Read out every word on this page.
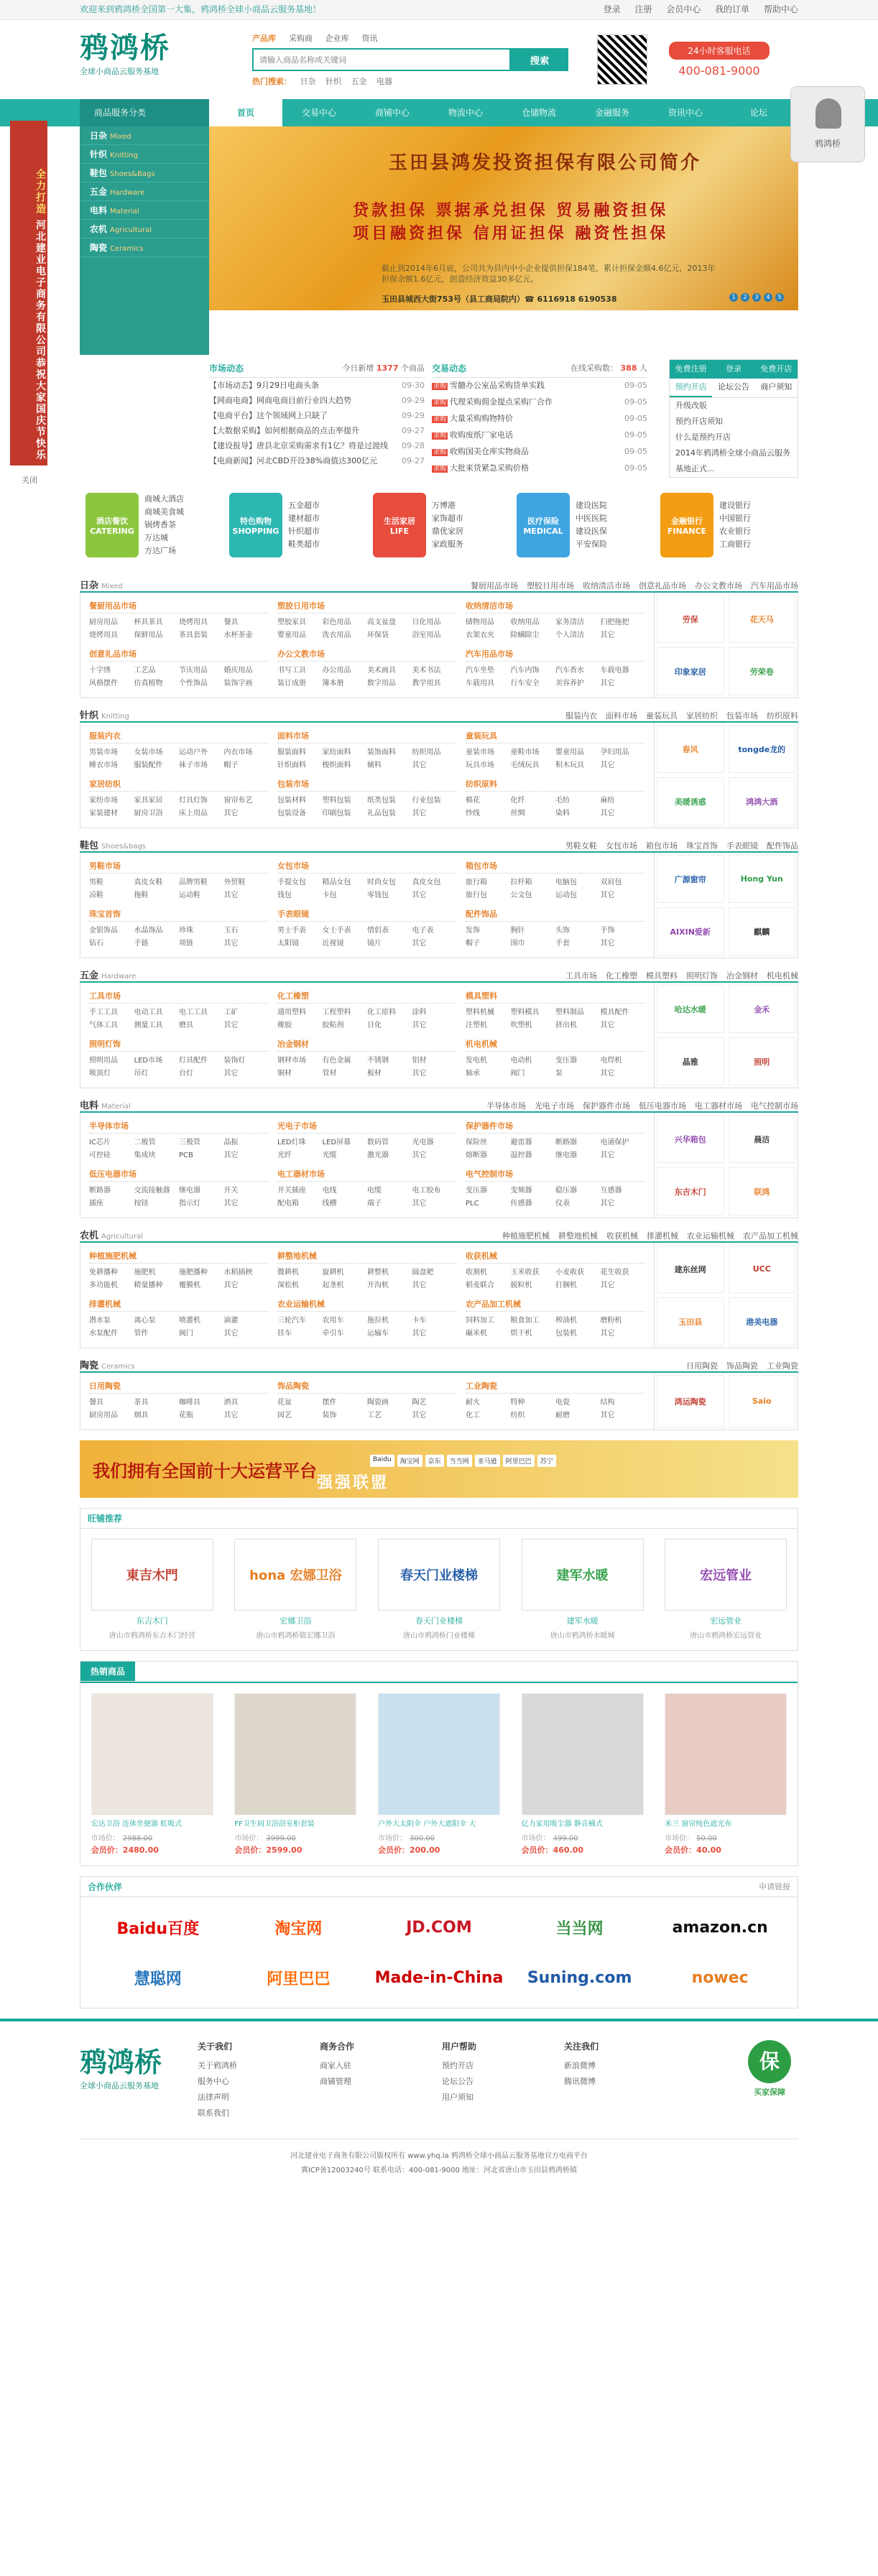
欢迎来到鸦鸿桥全国第一大集，鸦鸿桥全球小商品云服务基地！	登录 注册 会员中心 我的订单 帮助中心
鸦鸿桥
全球小商品云服务基地
产品库 采购商 企业库 资讯
请输入商品名称或关键词
搜索
热门搜索： 日杂 针织 五金 电器
24小时客服电话
400-081-9000
商品服务分类	首页	交易中心	商铺中心	物流中心	仓储物流	金融服务	资讯中心	论坛
日杂 Mixed
针织 Knitting
鞋包 Shoes&Bags
五金 Hardware
电料 Material
农机 Agricultural
陶瓷 Ceramics
玉田县鸿发投资担保有限公司简介
贷款担保 票据承兑担保 贸易融资担保
项目融资担保 信用证担保 融资性担保
截止到2014年6月底，公司共为县内中小企业提供担保184笔，累计担保金额4.6亿元，2013年担保余额1.6亿元，创造经济效益30多亿元。
玉田县城西大街753号（县工商局院内）☎ 6116918 6190538	1 2 3 4 5
市场动态	今日新增 1377 个商品
【市场动态】9月29日电商头条	09-30
【网商电商】网商电商目前行业四大趋势	09-29
【电商平台】这个领域网上只缺了	09-29
【大数据采购】如何根据商品的点击率提升	09-27
【建设报导】唐县北京采购需求有1亿？将是过渡线 09-28
【电商新闻】河北CBD开设38%商值达300亿元	09-27
交易动态	在线采购数： 388 人
求购 雪髓办公室品采购货单实践	09-05
求购 代理采购佣金提点采购厂合作	09-05
求购 大量采购购物特价	09-05
求购 收购废纸厂家电话	09-05
求购 收购国美仓库实物商品	09-05
求购 大批来货紧急采购价格	09-05
免费注册	登录	免费开店
预约开店	论坛公告	商户须知
升级改版
预约开店须知
什么是预约开店
2014年鸦鸿桥全球小商品云服务基地正式...
酒店餐饮
CATERING
商城大酒店
商城美食城
锅烤香茶
万达城
方达广场
特色购物
SHOPPING
五金超市
建材超市
针织超市
鞋类超市
生活家居
LIFE
万博港
家饰超市
鼎优家居
家政服务
医疗保险
MEDICAL
建设医院
中医医院
建设医保
平安保险
金融银行
FINANCE
建设银行
中国银行
农业银行
工商银行
日杂 Mixed	餐厨用品市场 塑胶日用市场 收纳清洁市场 创意礼品市场 办公文教市场 汽车用品市场
餐厨用品市场

厨房用品	杯具茶具	烧烤用具	餐具
烧烤用具	保鲜用品	茶具套装	水杯茶壶

塑胶日用市场

塑胶家具	彩色用品	高支盆盘	日化用品
婴童用品	洗衣用品	环保袋	浴室用品

收纳清洁市场

储物用品	收纳用品	家务清洁	扫把拖把
衣架衣夹	除螨除尘	个人清洁	其它

创意礼品市场

十字绣	工艺品	节庆用品	婚庆用品
风格摆件	仿真植物	个性饰品	装饰字画

办公文教市场

书写工具	办公用品	美术画具	美术书法
装订成册	簿本册	数字用品	教学用具

汽车用品市场

汽车坐垫	汽车内饰	汽车香水	车载电器
车载用具	行车安全	美容养护	其它

劳保	花天马
印象家居	劳荣卷
针织 Knitting	服装内衣 面料市场 童装玩具 家居纺织 包装市场 纺织原料
服装内衣

男装市场	女装市场	运动户外	内衣市场
睡衣市场	服装配件	袜子市场	帽子

面料市场

服装面料	家纺面料	装饰面料	纺织用品
针织面料	梭织面料	辅料	其它

童装玩具

童装市场	童鞋市场	婴童用品	孕妇用品
玩具市场	毛绒玩具	积木玩具	其它

家居纺织

家纺市场	家具家居	灯具灯饰	窗帘布艺
家装建材	厨房卫浴	床上用品	其它

包装市场

包装材料	塑料包装	纸类包装	行业包装
包装设备	印刷包装	礼品包装	其它

纺织原料

棉花	化纤	毛纺	麻纺
纱线	丝绸	染料	其它

春风	tongde龙的
美暖诱惑	鸿鸿大酒
鞋包 Shoes&bags	男鞋女鞋 女包市场 箱包市场 珠宝首饰 手表眼镜 配件饰品
男鞋市场

男鞋	真皮女鞋	品牌男鞋	外贸鞋
凉鞋	拖鞋	运动鞋	其它

女包市场

手提女包	精品女包	时尚女包	真皮女包
钱包	卡包	零钱包	其它

箱包市场

旅行箱	拉杆箱	电脑包	双肩包
旅行包	公文包	运动包	其它

珠宝首饰

金银饰品	水晶饰品	珍珠	玉石
钻石	手链	项链	其它

手表眼镜

男士手表	女士手表	情侣表	电子表
太阳镜	近视镜	镜片	其它

配件饰品

发饰	胸针	头饰	手饰
帽子	围巾	手套	其它

广源窗帘	Hong Yun
AIXIN爱新	麒麟
五金 Hardware	工具市场 化工橡塑 模具塑料 照明灯饰 冶金钢材 机电机械
工具市场

手工工具	电动工具	电工工具	工矿
气体工具	测量工具	磨具	其它

化工橡塑

通用塑料	工程塑料	化工原料	涂料
橡胶	胶粘剂	日化	其它

模具塑料

塑料机械	塑料模具	塑料制品	模具配件
注塑机	吹塑机	挤出机	其它

照明灯饰

照明用品	LED市场	灯具配件	装饰灯
吸顶灯	吊灯	台灯	其它

冶金钢材

钢材市场	有色金属	不锈钢	铝材
铜材	管材	板材	其它

机电机械

发电机	电动机	变压器	电焊机
轴承	阀门	泵	其它

哈达水暖	金禾
晶雅	照明
电料 Material	半导体市场 光电子市场 保护器件市场 低压电器市场 电工器材市场 电气控制市场
半导体市场

IC芯片	二极管	三极管	晶振
可控硅	集成块	PCB	其它

光电子市场

LED灯珠	LED屏幕	数码管	光电器
光纤	光缆	激光器	其它

保护器件市场

保险丝	避雷器	断路器	电涌保护
熔断器	温控器	继电器	其它

低压电器市场

断路器	交流接触器	继电器	开关
插座	按钮	指示灯	其它

电工器材市场

开关插座	电线	电缆	电工胶布
配电箱	线槽	端子	其它

电气控制市场

变压器	变频器	稳压器	互感器
PLC	传感器	仪表	其它

兴华箱包	晨洁
东吉木门	联鸿
农机 Agricultural	种植施肥机械 耕整地机械 收获机械 排灌机械 农业运输机械 农产品加工机械
种植施肥机械

免耕播种	施肥机	施肥播种	水稻插秧
多功能机	精量播种	覆膜机	其它

耕整地机械

微耕机	旋耕机	耕整机	圆盘耙
深松机	起垄机	开沟机	其它

收获机械

收割机	玉米收获	小麦收获	花生收获
稻麦联合	脱粒机	打捆机	其它

排灌机械

潜水泵	离心泵	喷灌机	滴灌
水泵配件	管件	阀门	其它

农业运输机械

三轮汽车	农用车	拖拉机	卡车
挂车	牵引车	运输车	其它

农产品加工机械

饲料加工	粮食加工	榨油机	磨粉机
碾米机	烘干机	包装机	其它

建东丝网	UCC
玉田县	港美电器
陶瓷 Ceramics	日用陶瓷 饰品陶瓷 工业陶瓷
日用陶瓷

餐具	茶具	咖啡具	酒具
厨房用品	烟具	花瓶	其它

饰品陶瓷

花盆	摆件	陶瓷画	陶艺
园艺	装饰	工艺	其它

工业陶瓷

耐火	特种	电瓷	结构
化工	纺织	耐磨	其它

鸿运陶瓷	Saio
我们拥有全国前十大运营平台
Baidu	淘宝网	京东	当当网	亚马逊	阿里巴巴	苏宁
强强联盟
旺铺推荐
東吉木門
东吉木门
唐山市鸦鸿桥东吉木门经营
hona 宏娜卫浴
宏娜卫浴
唐山市鸦鸿桥镇宏娜卫浴
春天门业楼梯
春天门业楼梯
唐山市鸦鸿桥门业楼梯
建军水暖
建军水暖
唐山市鸦鸿桥水暖城
宏远管业
宏远管业
唐山市鸦鸿桥宏远管业
热销商品
宏达卫浴 连体坐便器 虹吸式
市场价： 2988.00
会员价：2480.00
FF卫生间卫浴浴室柜套装
市场价： 3999.00
会员价：2599.00
户外大太阳伞 户外大遮阳伞 大
市场价： 300.00
会员价：200.00
亿力家用吸尘器 静音桶式
市场价： 499.00
会员价：460.00
米兰 窗帘纯色遮光布
市场价： 50.00
会员价：40.00
合作伙伴	申请链接
Baidu百度	淘宝网	JD.COM	当当网	amazon.cn
慧聪网	阿里巴巴	Made-in-China	Suning.com	nowec
鸦鸿桥
全球小商品云服务基地
关于我们
关于鸦鸿桥
服务中心
法律声明
联系我们
商务合作
商家入驻
商铺管理
用户帮助
预约开店
论坛公告
用户须知
关注我们
新浪微博
腾讯微博
保
买家保障
河北建业电子商务有限公司版权所有 www.yhq.la 鸦鸿桥全球小商品云服务基地官方电商平台
冀ICP备12003240号 联系电话：400-081-9000 地址：河北省唐山市玉田县鸦鸿桥镇
全力打造 河北建业电子商务有限公司恭祝大家国庆节快乐
关闭
鸦鸿桥
